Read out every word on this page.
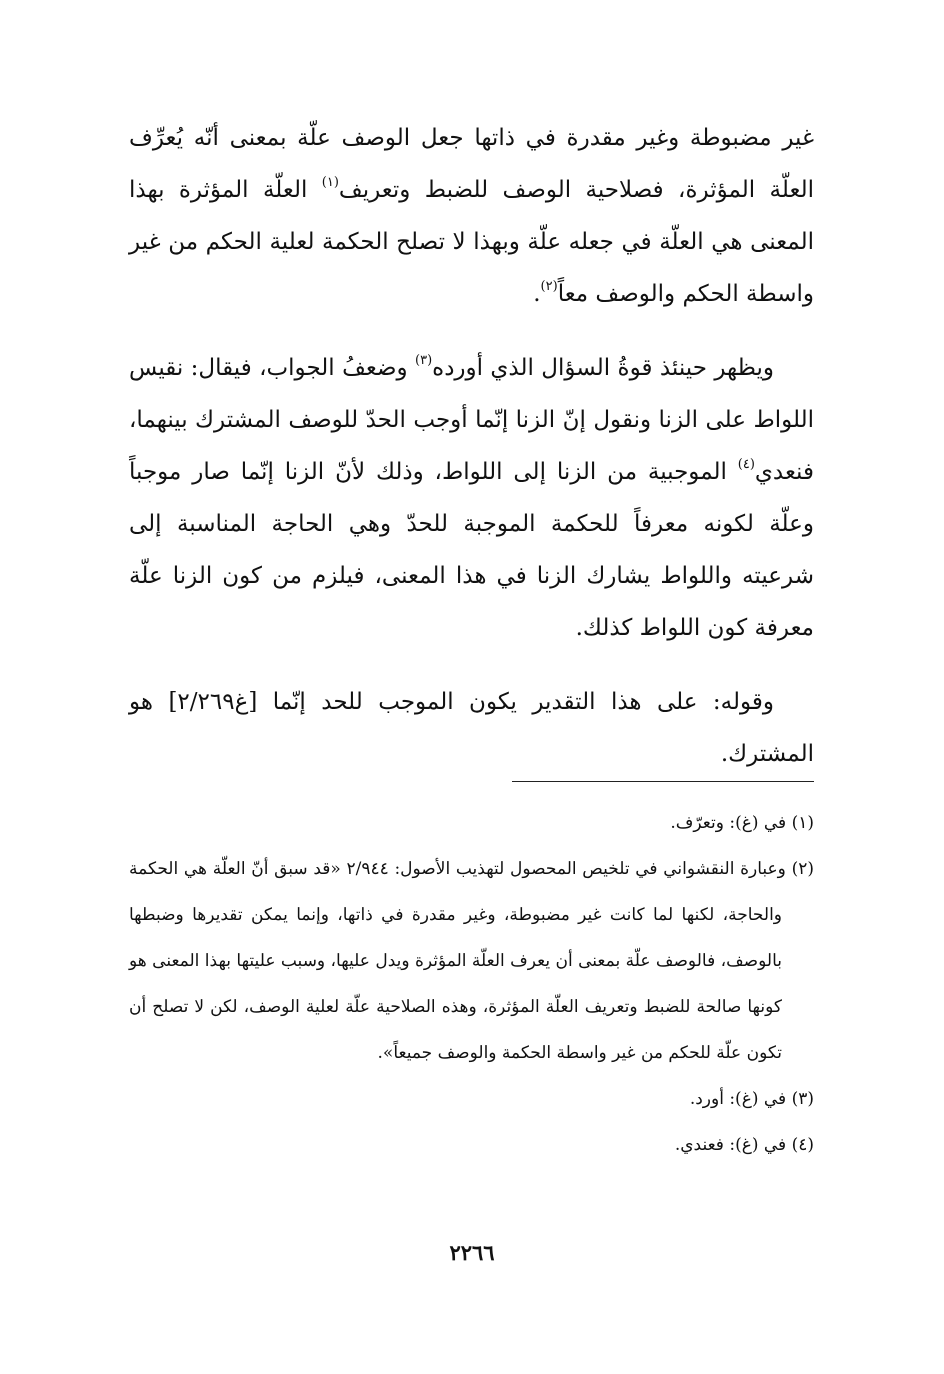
غير مضبوطة وغير مقدرة في ذاتها جعل الوصف علّة بمعنى أنّه يُعرِّف العلّة المؤثرة، فصلاحية الوصف للضبط وتعريف$^{(١)}$ العلّة المؤثرة بهذا المعنى هي العلّة في جعله علّة وبهذا لا تصلح الحكمة لعلية الحكم من غير واسطة الحكم والوصف معاً$^{(٢)}$.

ويظهر حينئذ قوةُ السؤال الذي أورده$^{(٣)}$ وضعفُ الجواب، فيقال: نقيس اللواط على الزنا ونقول إنّ الزنا إنّما أوجب الحدّ للوصف المشترك بينهما، فنعدي$^{(٤)}$ الموجبية من الزنا إلى اللواط، وذلك لأنّ الزنا إنّما صار موجباً وعلّة لكونه معرفاً للحكمة الموجبة للحدّ وهي الحاجة المناسبة إلى شرعيته واللواط يشارك الزنا في هذا المعنى، فيلزم من كون الزنا علّة معرفة كون اللواط كذلك.

وقوله: على هذا التقدير يكون الموجب للحد إنّما [غ٢/٢٦٩] هو المشترك.

(١) في (غ): وتعرّف.

(٢) وعبارة النقشواني في تلخيص المحصول لتهذيب الأصول: ٢/٩٤٤ «قد سبق أنّ العلّة هي الحكمة والحاجة، لكنها لما كانت غير مضبوطة، وغير مقدرة في ذاتها، وإنما يمكن تقديرها وضبطها بالوصف، فالوصف علّة بمعنى أن يعرف العلّة المؤثرة ويدل عليها، وسبب عليتها بهذا المعنى هو كونها صالحة للضبط وتعريف العلّة المؤثرة، وهذه الصلاحية علّة لعلية الوصف، لكن لا تصلح أن تكون علّة للحكم من غير واسطة الحكمة والوصف جميعاً».

(٣) في (غ): أورد.

(٤) في (غ): فعندي.

٢٢٦٦
